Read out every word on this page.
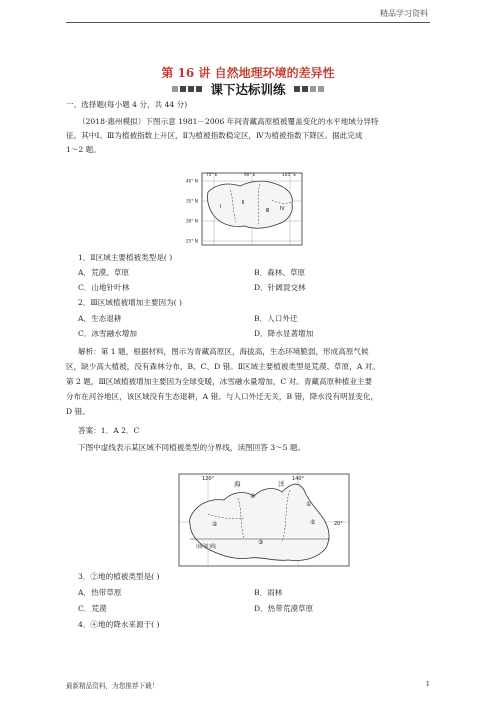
精品学习资料
第 16 讲 自然地理环境的差异性
课下达标训练
一、选择题(每小题 4 分，共 44 分)
（2018·惠州模拟）下图示意 1981－2006 年间青藏高原植被覆盖变化的水平地域分异特
征。其中Ⅰ、Ⅲ为植被指数上升区，Ⅱ为植被指数稳定区，Ⅳ为植被指数下降区。据此完成
1～2 题。
75° E	90° E	105° E
40° N
35° N
30° N
25° N
Ⅰ
Ⅱ
Ⅲ Ⅳ
1．Ⅱ区域主要植被类型是( )
A．荒漠、草原	B．森林、草原
C．山地针叶林	D．针阔混交林
2．Ⅲ区域植被增加主要因为( )
A．生态退耕	B．人口外迁
C．冰雪融水增加	D．降水显著增加
解析：第 1 题，根据材料，图示为青藏高原区，海拔高，生态环境脆弱，形成高原气候
区，缺少高大植被，没有森林分布，B、C、D 错。Ⅱ区域主要植被类型是荒漠、草原，A 对。
第 2 题，Ⅲ区域植被增加主要因为全球变暖，冰雪融水量增加，C 对。青藏高原种植业主要
分布在河谷地区，该区域没有生态退耕，A 错。与人口外迁无关，B 错，降水没有明显变化，
D 错。
答案：1．A 2．C
下图中虚线表示某区域不同植被类型的分界线，读图回答 3～5 题。
120°	140°
20°
海	洋
①
②
③
④
⑤
南回归线
3．②地的植被类型是( )
A．热带草原	B．雨林
C．荒漠	D．热带荒漠草原
4．④地的降水来源于( )
最新精品资料，为您推荐下载！	1
